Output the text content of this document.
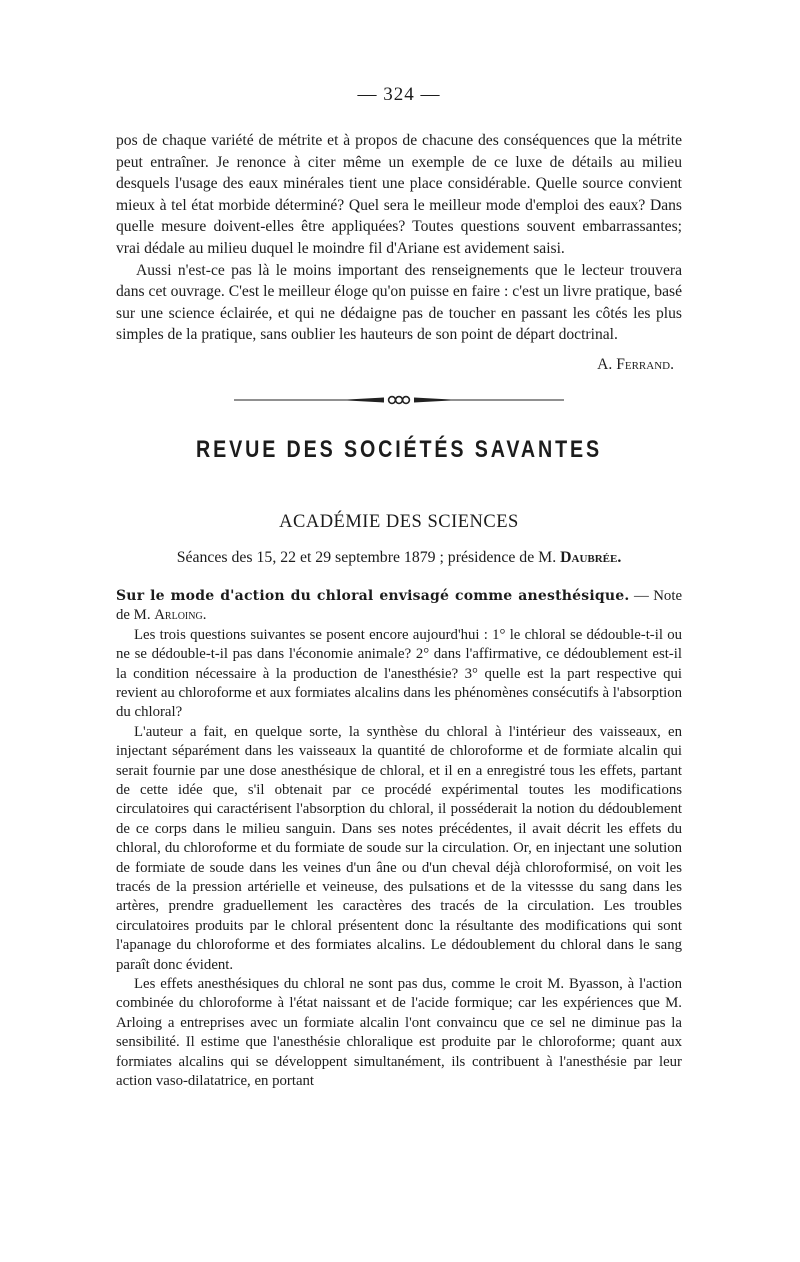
— 324 —

pos de chaque variété de métrite et à propos de chacune des conséquences que la métrite peut entraîner. Je renonce à citer même un exemple de ce luxe de détails au milieu desquels l'usage des eaux minérales tient une place considérable. Quelle source convient mieux à tel état morbide déterminé? Quel sera le meilleur mode d'emploi des eaux? Dans quelle mesure doivent-elles être appliquées? Toutes questions souvent embarrassantes; vrai dédale au milieu duquel le moindre fil d'Ariane est avidement saisi.

Aussi n'est-ce pas là le moins important des renseignements que le lecteur trouvera dans cet ouvrage. C'est le meilleur éloge qu'on puisse en faire : c'est un livre pratique, basé sur une science éclairée, et qui ne dédaigne pas de toucher en passant les côtés les plus simples de la pratique, sans oublier les hauteurs de son point de départ doctrinal.

A. Ferrand.
REVUE DES SOCIÉTÉS SAVANTES
ACADÉMIE DES SCIENCES
Séances des 15, 22 et 29 septembre 1879 ; présidence de M. Daubrée.

Sur le mode d'action du chloral envisagé comme anesthésique. — Note de M. Arloing.

Les trois questions suivantes se posent encore aujourd'hui : 1° le chloral se dédouble-t-il ou ne se dédouble-t-il pas dans l'économie animale? 2° dans l'affirmative, ce dédoublement est-il la condition nécessaire à la production de l'anesthésie? 3° quelle est la part respective qui revient au chloroforme et aux formiates alcalins dans les phénomènes consécutifs à l'absorption du chloral?

L'auteur a fait, en quelque sorte, la synthèse du chloral à l'intérieur des vaisseaux, en injectant séparément dans les vaisseaux la quantité de chloroforme et de formiate alcalin qui serait fournie par une dose anesthésique de chloral, et il en a enregistré tous les effets, partant de cette idée que, s'il obtenait par ce procédé expérimental toutes les modifications circulatoires qui caractérisent l'absorption du chloral, il posséderait la notion du dédoublement de ce corps dans le milieu sanguin. Dans ses notes précédentes, il avait décrit les effets du chloral, du chloroforme et du formiate de soude sur la circulation. Or, en injectant une solution de formiate de soude dans les veines d'un âne ou d'un cheval déjà chloroformisé, on voit les tracés de la pression artérielle et veineuse, des pulsations et de la vitessse du sang dans les artères, prendre graduellement les caractères des tracés de la circulation. Les troubles circulatoires produits par le chloral présentent donc la résultante des modifications qui sont l'apanage du chloroforme et des formiates alcalins. Le dédoublement du chloral dans le sang paraît donc évident.

Les effets anesthésiques du chloral ne sont pas dus, comme le croit M. Byasson, à l'action combinée du chloroforme à l'état naissant et de l'acide formique; car les expériences que M. Arloing a entreprises avec un formiate alcalin l'ont convaincu que ce sel ne diminue pas la sensibilité. Il estime que l'anesthésie chloralique est produite par le chloroforme; quant aux formiates alcalins qui se développent simultanément, ils contribuent à l'anesthésie par leur action vaso-dilatatrice, en portant
